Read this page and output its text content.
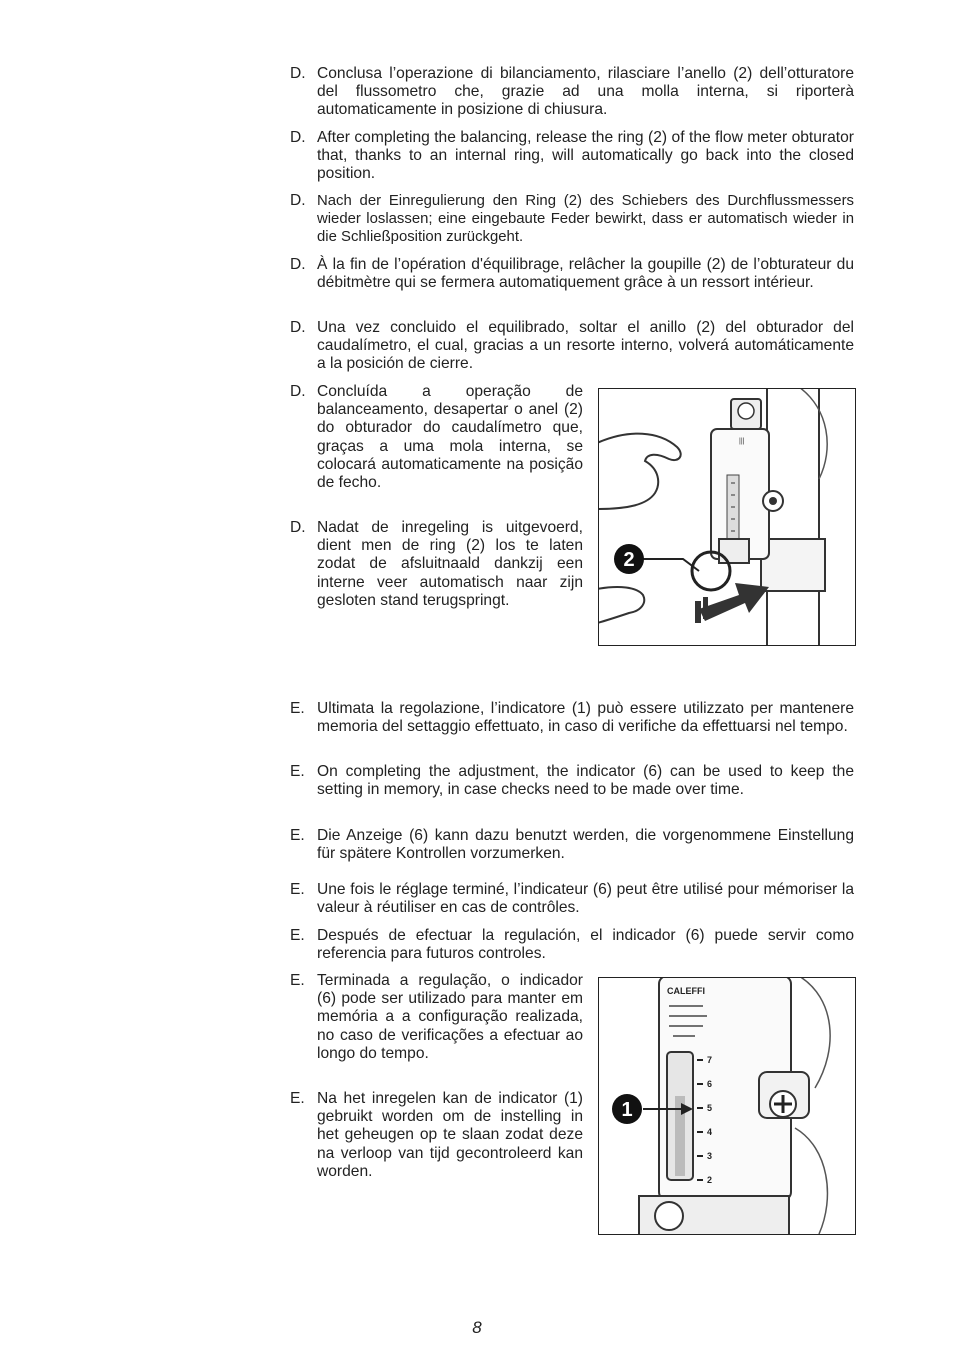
D. Conclusa l’operazione di bilanciamento, rilasciare l’anello (2) dell’otturatore del flussometro che, grazie ad una molla interna, si riporterà automaticamente in posizione di chiusura.
D. After completing the balancing, release the ring (2) of the flow meter obturator that, thanks to an internal ring, will automatically go back into the closed position.
D. Nach der Einregulierung den Ring (2) des Schiebers des Durchflussmessers wieder loslassen; eine eingebaute Feder bewirkt, dass er automatisch wieder in die Schließposition zurückgeht.
D. À la fin de l’opération d'équilibrage, relâcher la goupille (2) de l’obturateur du débitmètre qui se fermera automatiquement grâce à un ressort intérieur.
D. Una vez concluido el equilibrado, soltar el anillo (2) del obturador del caudalímetro, el cual, gracias a un resorte interno, volverá automáticamente a la posición de cierre.
D. Concluída a operação de balanceamento, desapertar o anel (2) do obturador do caudalímetro que, graças a uma mola interna, se colocará automaticamente na posição de fecho.
D. Nadat de inregeling is uitgevoerd, dient men de ring (2) los te laten zodat de afsluitnaald dankzij een interne veer automatisch naar zijn gesloten stand terugspringt.
|||
2
E. Ultimata la regolazione, l’indicatore (1) può essere utilizzato per mantenere memoria del settaggio effettuato, in caso di verifiche da effettuarsi nel tempo.
E. On completing the adjustment, the indicator (6) can be used to keep the setting in memory, in case checks need to be made over time.
E. Die Anzeige (6) kann dazu benutzt werden, die vorgenommene Einstellung für spätere Kontrollen vorzumerken.
E. Une fois le réglage terminé, l’indicateur (6) peut être utilisé pour mémoriser la valeur à réutiliser en cas de contrôles.
E. Después de efectuar la regulación, el indicador (6) puede servir como referencia para futuros controles.
E. Terminada a regulação, o indicador (6) pode ser utilizado para manter em memória a a configuração realizada, no caso de verificações a efectuar ao longo do tempo.
E. Na het inregelen kan de indicator (1) gebruikt worden om de instelling in het geheugen op te slaan zodat deze na verloop van tijd gecontroleerd kan worden.
CALEFFI
7
6
5
4
3
2
1
8
